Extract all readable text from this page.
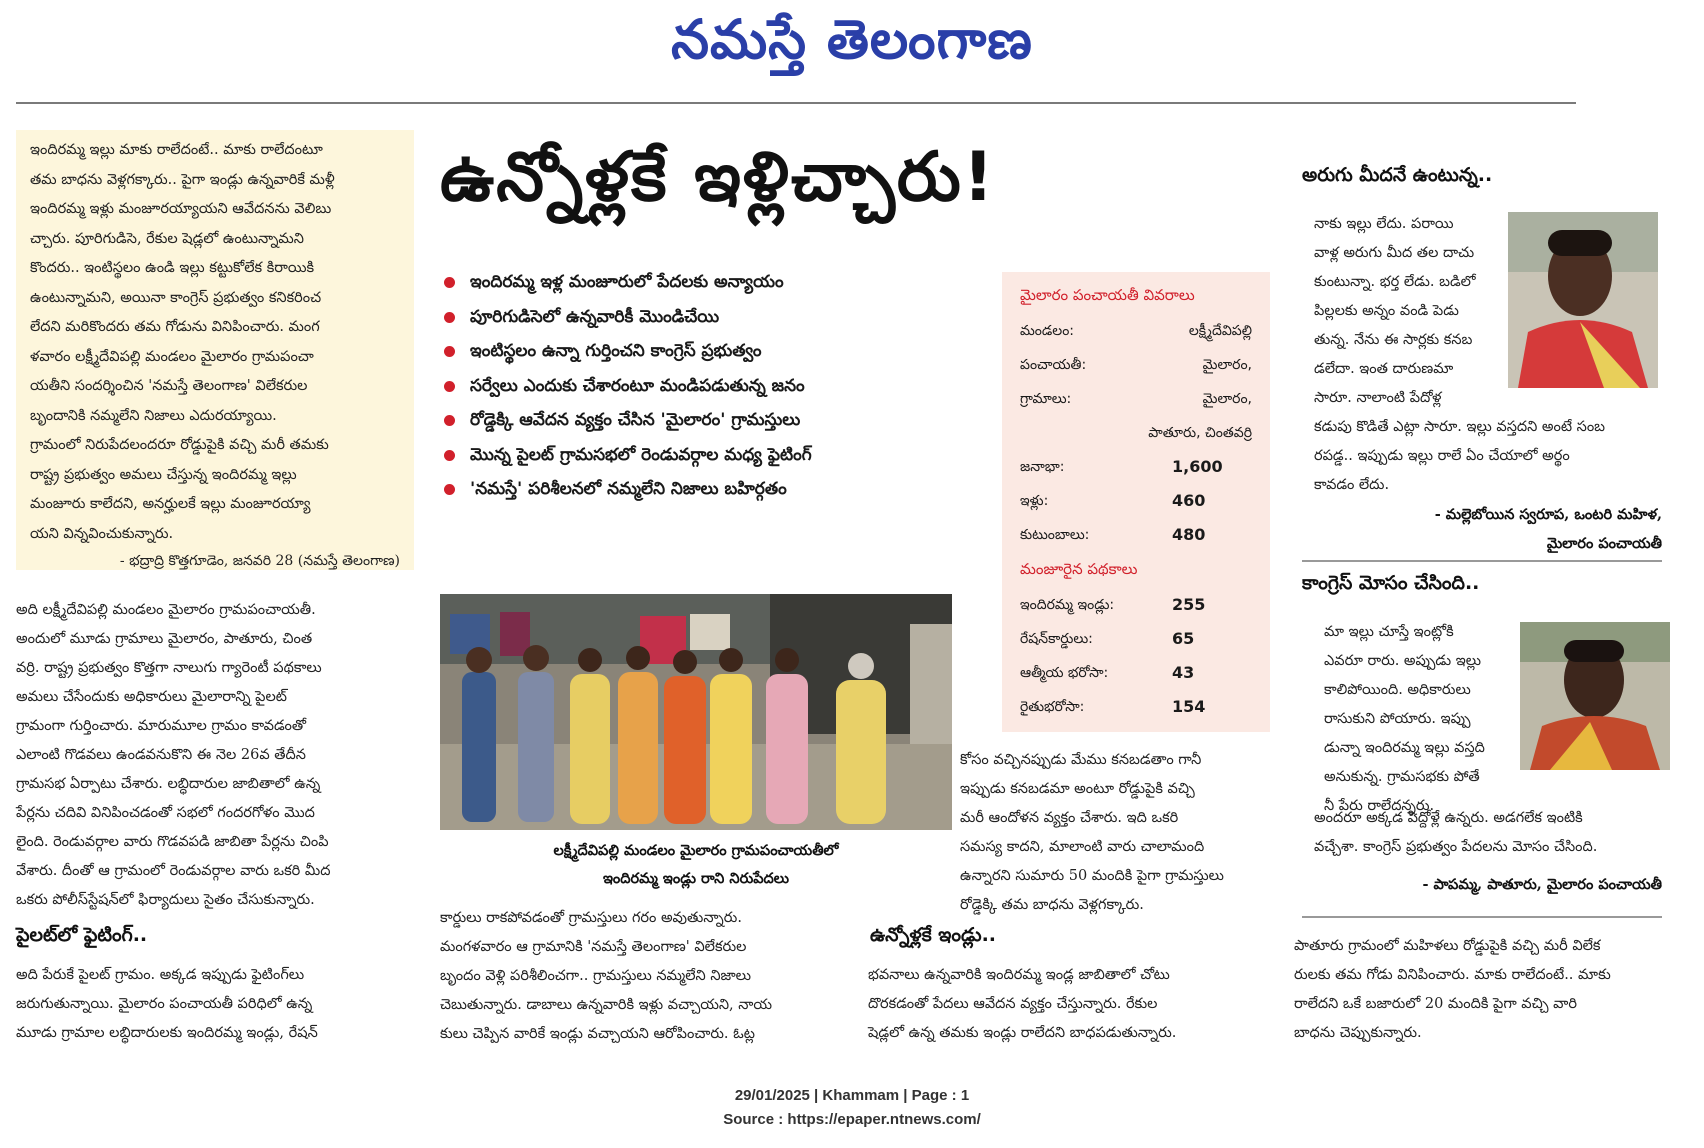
నమస్తే తెలంగాణ
ఇందిరమ్మ ఇల్లు మాకు రాలేదంటే.. మాకు రాలేదంటూ
తమ బాధను వెళ్లగక్కారు.. పైగా ఇండ్లు ఉన్నవారికే మళ్లీ
ఇందిరమ్మ ఇళ్లు మంజూరయ్యాయని ఆవేదనను వెలిబు
చ్చారు. పూరిగుడిసె, రేకుల షెడ్లలో ఉంటున్నామని
కొందరు.. ఇంటిస్థలం ఉండి ఇల్లు కట్టుకోలేక కిరాయికి
ఉంటున్నామని, అయినా కాంగ్రెస్ ప్రభుత్వం కనికరించ
లేదని మరికొందరు తమ గోడును వినిపించారు. మంగ
ళవారం లక్ష్మీదేవిపల్లి మండలం మైలారం గ్రామపంచా
యతీని సందర్శించిన 'నమస్తే తెలంగాణ' విలేకరుల
బృందానికి నమ్మలేని నిజాలు ఎదురయ్యాయి.
గ్రామంలో నిరుపేదలందరూ రోడ్డుపైకి వచ్చి మరీ తమకు
రాష్ట్ర ప్రభుత్వం అమలు చేస్తున్న ఇందిరమ్మ ఇల్లు
మంజూరు కాలేదని, అనర్హులకే ఇల్లు మంజూరయ్యా
యని విన్నవించుకున్నారు.
- భద్రాద్రి కొత్తగూడెం, జనవరి 28 (నమస్తే తెలంగాణ)
ఉన్నోళ్లకే ఇళ్లిచ్చారు!
ఇందిరమ్మ ఇళ్ల మంజూరులో పేదలకు అన్యాయం
పూరిగుడిసెలో ఉన్నవారికీ మొండిచేయి
ఇంటిస్థలం ఉన్నా గుర్తించని కాంగ్రెస్ ప్రభుత్వం
సర్వేలు ఎందుకు చేశారంటూ మండిపడుతున్న జనం
రోడ్డెక్కి ఆవేదన వ్యక్తం చేసిన 'మైలారం' గ్రామస్తులు
మొన్న పైలట్ గ్రామసభలో రెండువర్గాల మధ్య ఫైటింగ్
'నమస్తే' పరిశీలనలో నమ్మలేని నిజాలు బహిర్గతం
లక్ష్మీదేవిపల్లి మండలం మైలారం గ్రామపంచాయతీలో
ఇందిరమ్మ ఇండ్లు రాని నిరుపేదలు
మైలారం పంచాయతీ వివరాలు
మండలం:	లక్ష్మీదేవిపల్లి
పంచాయతీ:	మైలారం,
గ్రామాలు:	మైలారం,
పాతూరు, చింతవర్రి
జనాభా:	1,600
ఇళ్లు:	460
కుటుంబాలు:	480
మంజూరైన పథకాలు
ఇందిరమ్మ ఇండ్లు:	255
రేషన్‌కార్డులు:	65
ఆత్మీయ భరోసా:	43
రైతుభరోసా:	154
అది లక్ష్మీదేవిపల్లి మండలం మైలారం గ్రామపంచాయతీ.
అందులో మూడు గ్రామాలు మైలారం, పాతూరు, చింత
వర్రి. రాష్ట్ర ప్రభుత్వం కొత్తగా నాలుగు గ్యారెంటీ పథకాలు
అమలు చేసేందుకు అధికారులు మైలారాన్ని పైలట్
గ్రామంగా గుర్తించారు. మారుమూల గ్రామం కావడంతో
ఎలాంటి గొడవలు ఉండవనుకొని ఈ నెల 26వ తేదీన
గ్రామసభ ఏర్పాటు చేశారు. లబ్ధిదారుల జాబితాలో ఉన్న
పేర్లను చదివి వినిపించడంతో సభలో గందరగోళం మొద
లైంది. రెండువర్గాల వారు గొడవపడి జాబితా పేర్లను చింపి
వేశారు. దీంతో ఆ గ్రామంలో రెండువర్గాల వారు ఒకరి మీద
ఒకరు పోలీస్‌స్టేషన్‌లో ఫిర్యాదులు సైతం చేసుకున్నారు.
పైలట్‌లో ఫైటింగ్..
అది పేరుకే పైలట్ గ్రామం. అక్కడ ఇప్పుడు ఫైటింగ్‌లు
జరుగుతున్నాయి. మైలారం పంచాయతీ పరిధిలో ఉన్న
మూడు గ్రామాల లబ్ధిదారులకు ఇందిరమ్మ ఇండ్లు, రేషన్
కార్డులు రాకపోవడంతో గ్రామస్తులు గరం అవుతున్నారు.
మంగళవారం ఆ గ్రామానికి 'నమస్తే తెలంగాణ' విలేకరుల
బృందం వెళ్లి పరిశీలించగా.. గ్రామస్తులు నమ్మలేని నిజాలు
చెబుతున్నారు. డాబాలు ఉన్నవారికి ఇళ్లు వచ్చాయని, నాయ
కులు చెప్పిన వారికే ఇండ్లు వచ్చాయని ఆరోపించారు. ఓట్ల
కోసం వచ్చినప్పుడు మేము కనబడతాం గానీ
ఇప్పుడు కనబడమా అంటూ రోడ్డుపైకి వచ్చి
మరీ ఆందోళన వ్యక్తం చేశారు. ఇది ఒకరి
సమస్య కాదని, మాలాంటి వారు చాలామంది
ఉన్నారని సుమారు 50 మందికి పైగా గ్రామస్తులు
రోడ్డెక్కి తమ బాధను వెళ్లగక్కారు.
ఉన్నోళ్లకే ఇండ్లు..
భవనాలు ఉన్నవారికి ఇందిరమ్మ ఇండ్ల జాబితాలో చోటు
దొరకడంతో పేదలు ఆవేదన వ్యక్తం చేస్తున్నారు. రేకుల
షెడ్లలో ఉన్న తమకు ఇండ్లు రాలేదని బాధపడుతున్నారు.
అరుగు మీదనే ఉంటున్న..
నాకు ఇల్లు లేదు. పరాయి
వాళ్ల అరుగు మీద తల దాచు
కుంటున్నా. భర్త లేడు. బడిలో
పిల్లలకు అన్నం వండి పెడు
తున్న. నేను ఈ సార్లకు కనబ
డలేదా. ఇంత దారుణమా
సారూ. నాలాంటి పేదోళ్ల
కడుపు కొడితే ఎట్లా సారూ. ఇల్లు వస్తదని అంటే సంబ
రపడ్డ.. ఇప్పుడు ఇల్లు రాలే ఏం చేయాలో అర్థం
కావడం లేదు.
- మల్లెబోయిన స్వరూప, ఒంటరి మహిళ,
మైలారం పంచాయతీ
కాంగ్రెస్ మోసం చేసింది..
మా ఇల్లు చూస్తే ఇంట్లోకి
ఎవరూ రారు. అప్పుడు ఇల్లు
కాలిపోయింది. అధికారులు
రాసుకుని పోయారు. ఇప్పు
డున్నా ఇందిరమ్మ ఇల్లు వస్తది
అనుకున్న. గ్రామసభకు పోతే
నీ పేరు రాలేదన్నరు.
అందరూ అక్కడ పెద్దోళ్లే ఉన్నరు. అడగలేక ఇంటికి
వచ్చేశా. కాంగ్రెస్ ప్రభుత్వం పేదలను మోసం చేసింది.
- పాపమ్మ, పాతూరు, మైలారం పంచాయతీ
పాతూరు గ్రామంలో మహిళలు రోడ్డుపైకి వచ్చి మరీ విలేక
రులకు తమ గోడు వినిపించారు. మాకు రాలేదంటే.. మాకు
రాలేదని ఒకే బజారులో 20 మందికి పైగా వచ్చి వారి
బాధను చెప్పుకున్నారు.
29/01/2025 | Khammam | Page : 1
Source : https://epaper.ntnews.com/
